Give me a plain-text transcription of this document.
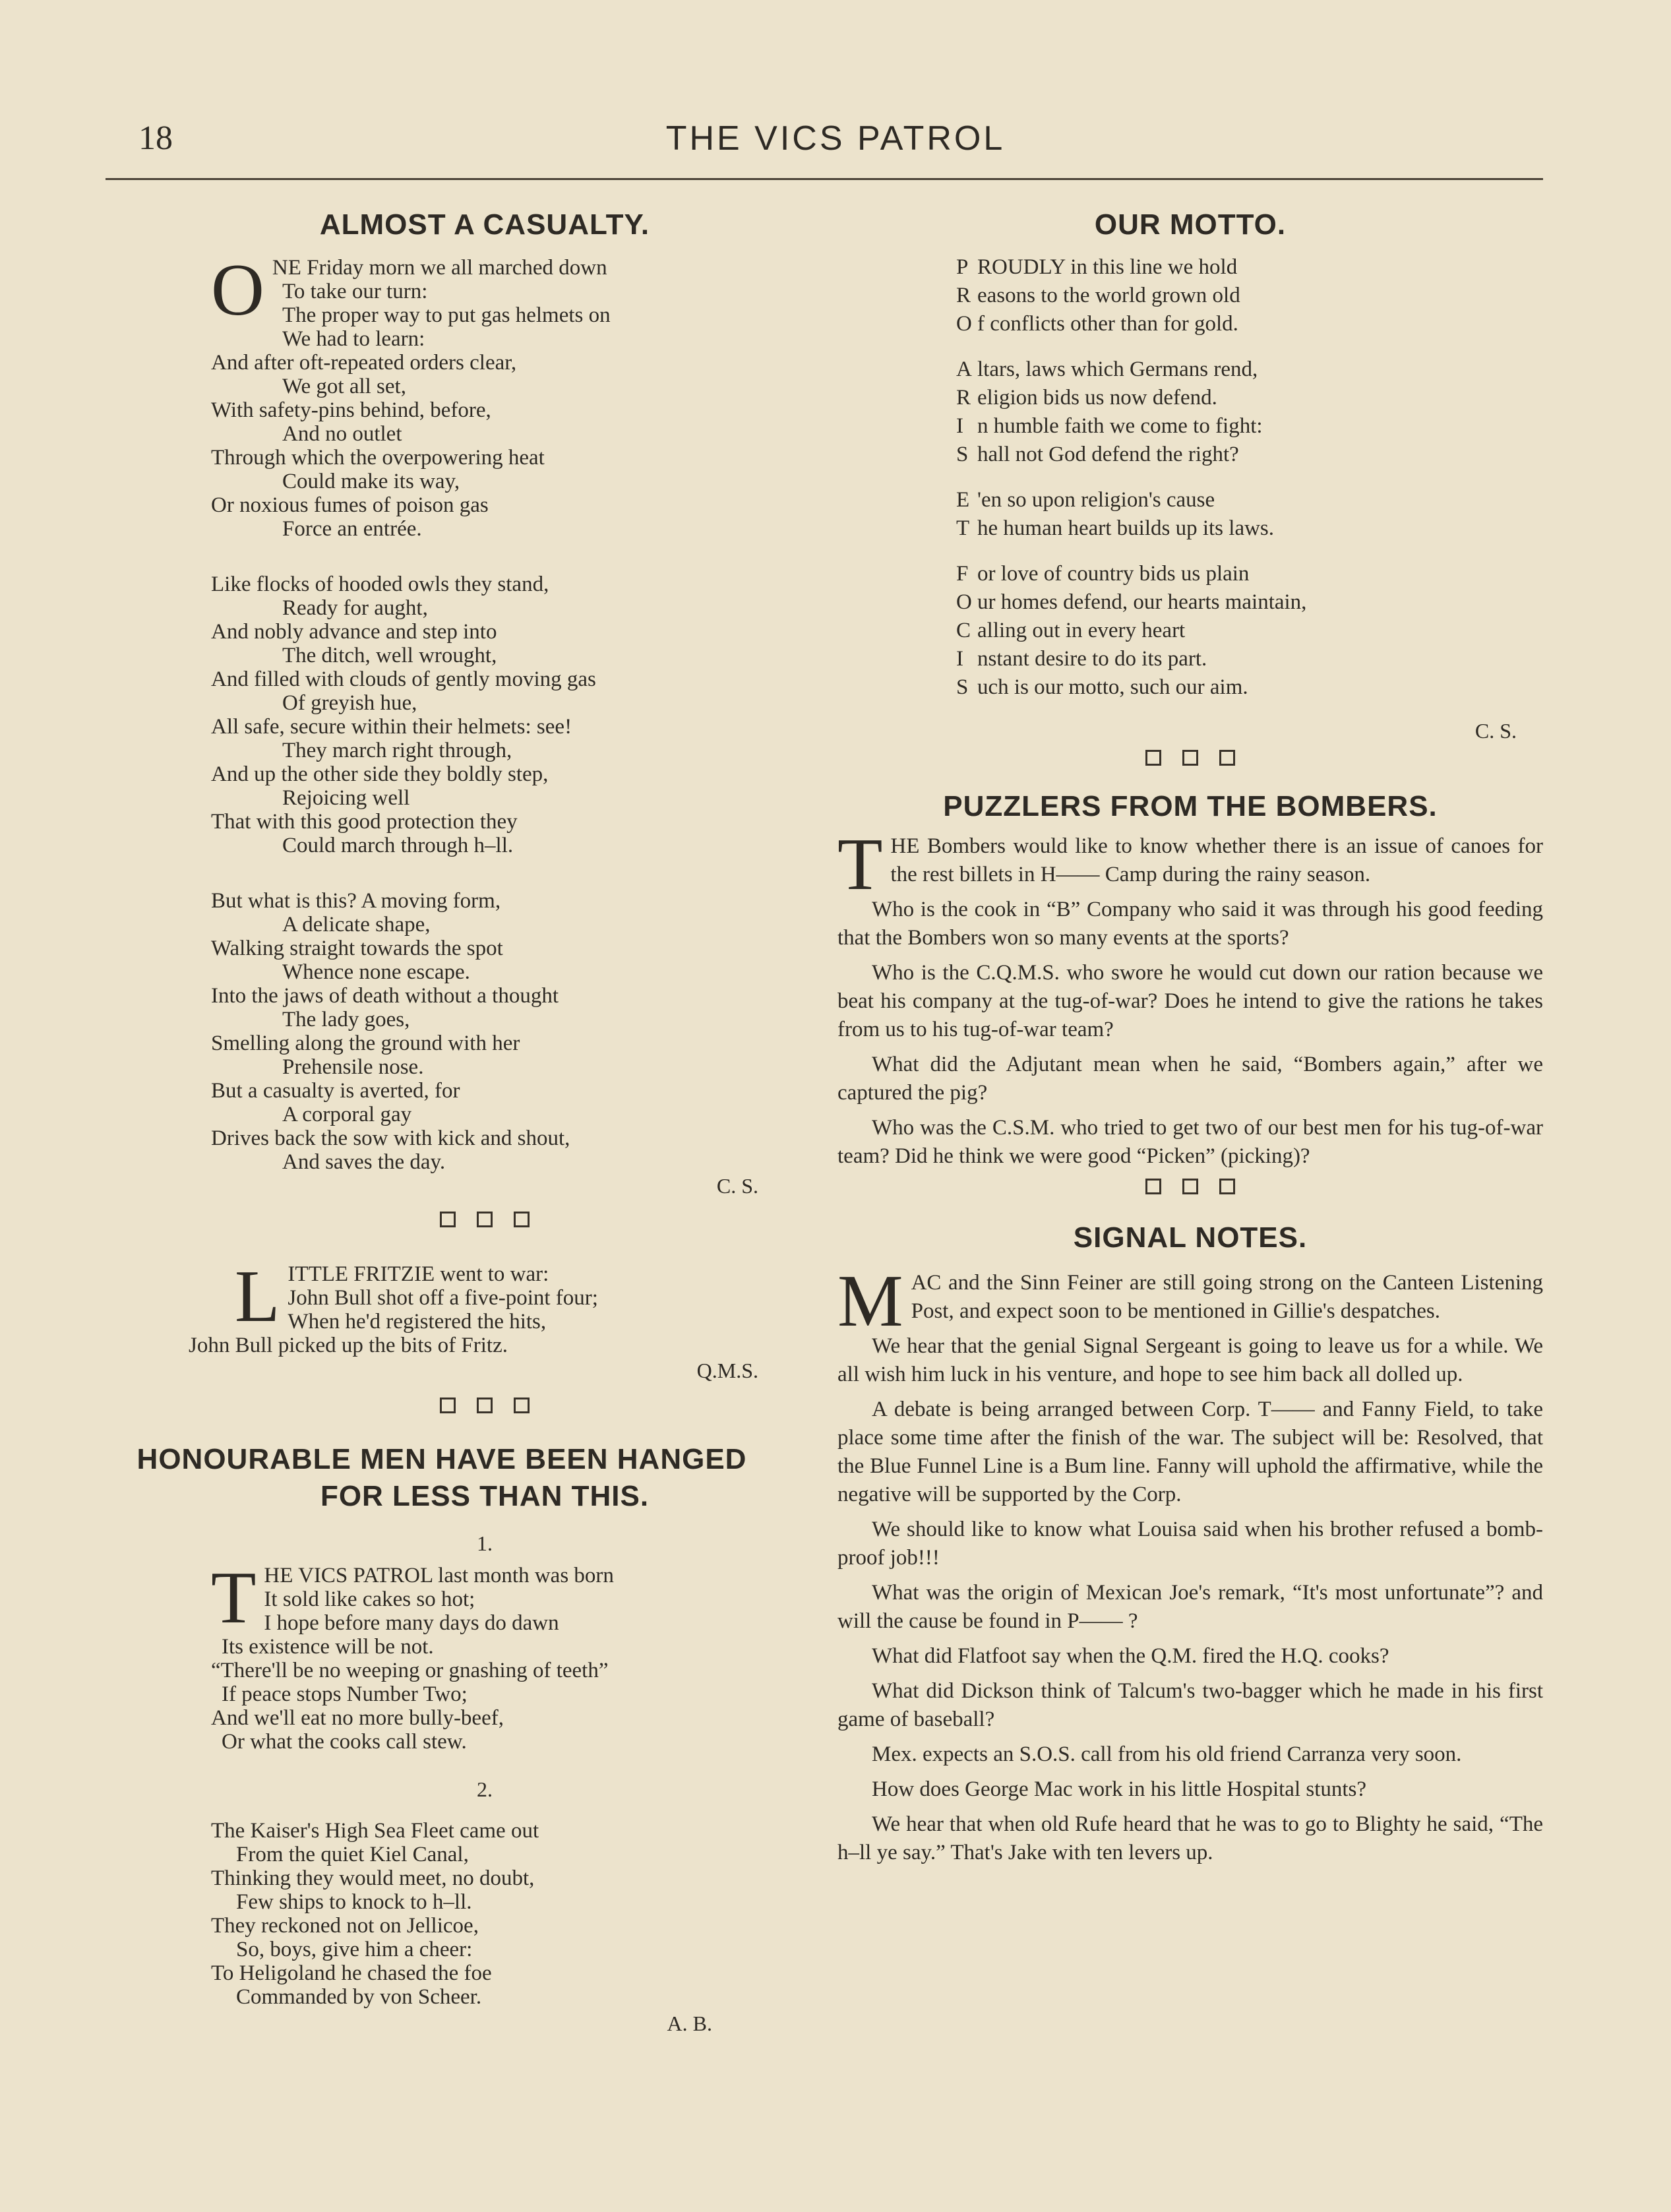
18	THE VICS PATROL
ALMOST A CASUALTY.
O NE Friday morn we all marched down
To take our turn:
The proper way to put gas helmets on
We had to learn:
And after oft-repeated orders clear,
We got all set,
With safety-pins behind, before,
And no outlet
Through which the overpowering heat
Could make its way,
Or noxious fumes of poison gas
Force an entrée.
Like flocks of hooded owls they stand,
Ready for aught,
And nobly advance and step into
The ditch, well wrought,
And filled with clouds of gently moving gas
Of greyish hue,
All safe, secure within their helmets: see!
They march right through,
And up the other side they boldly step,
Rejoicing well
That with this good protection they
Could march through h–ll.
But what is this? A moving form,
A delicate shape,
Walking straight towards the spot
Whence none escape.
Into the jaws of death without a thought
The lady goes,
Smelling along the ground with her
Prehensile nose.
But a casualty is averted, for
A corporal gay
Drives back the sow with kick and shout,
And saves the day.
C. S.
L ITTLE FRITZIE went to war:
John Bull shot off a five-point four;
When he'd registered the hits,
John Bull picked up the bits of Fritz.
Q.M.S.
HONOURABLE MEN HAVE BEEN HANGED
FOR LESS THAN THIS.
1.
T HE VICS PATROL last month was born
It sold like cakes so hot;
I hope before many days do dawn
Its existence will be not.
“There'll be no weeping or gnashing of teeth”
If peace stops Number Two;
And we'll eat no more bully-beef,
Or what the cooks call stew.
2.
The Kaiser's High Sea Fleet came out
From the quiet Kiel Canal,
Thinking they would meet, no doubt,
Few ships to knock to h–ll.
They reckoned not on Jellicoe,
So, boys, give him a cheer:
To Heligoland he chased the foe
Commanded by von Scheer.
A. B.
OUR MOTTO.
P ROUDLY in this line we hold
R easons to the world grown old
O f conflicts other than for gold.
A ltars, laws which Germans rend,
R eligion bids us now defend.
I n humble faith we come to fight:
S hall not God defend the right?
E 'en so upon religion's cause
T he human heart builds up its laws.
F or love of country bids us plain
O ur homes defend, our hearts maintain,
C alling out in every heart
I nstant desire to do its part.
S uch is our motto, such our aim.
C. S.
PUZZLERS FROM THE BOMBERS.

THE Bombers would like to know whether there is an issue of canoes for the rest billets in H—— Camp during the rainy season.

Who is the cook in “B” Company who said it was through his good feeding that the Bombers won so many events at the sports?

Who is the C.Q.M.S. who swore he would cut down our ration because we beat his company at the tug-of-war? Does he intend to give the rations he takes from us to his tug-of-war team?

What did the Adjutant mean when he said, “Bombers again,” after we captured the pig?

Who was the C.S.M. who tried to get two of our best men for his tug-of-war team? Did he think we were good “Picken” (picking)?

SIGNAL NOTES.

MAC and the Sinn Feiner are still going strong on the Canteen Listening Post, and expect soon to be mentioned in Gillie's despatches.

We hear that the genial Signal Sergeant is going to leave us for a while. We all wish him luck in his venture, and hope to see him back all dolled up.

A debate is being arranged between Corp. T—— and Fanny Field, to take place some time after the finish of the war. The subject will be: Resolved, that the Blue Funnel Line is a Bum line. Fanny will uphold the affirmative, while the negative will be supported by the Corp.

We should like to know what Louisa said when his brother refused a bomb-proof job!!!

What was the origin of Mexican Joe's remark, “It's most unfortunate”? and will the cause be found in P—— ?

What did Flatfoot say when the Q.M. fired the H.Q. cooks?

What did Dickson think of Talcum's two-bagger which he made in his first game of baseball?

Mex. expects an S.O.S. call from his old friend Carranza very soon.

How does George Mac work in his little Hospital stunts?

We hear that when old Rufe heard that he was to go to Blighty he said, “The h–ll ye say.” That's Jake with ten levers up.
